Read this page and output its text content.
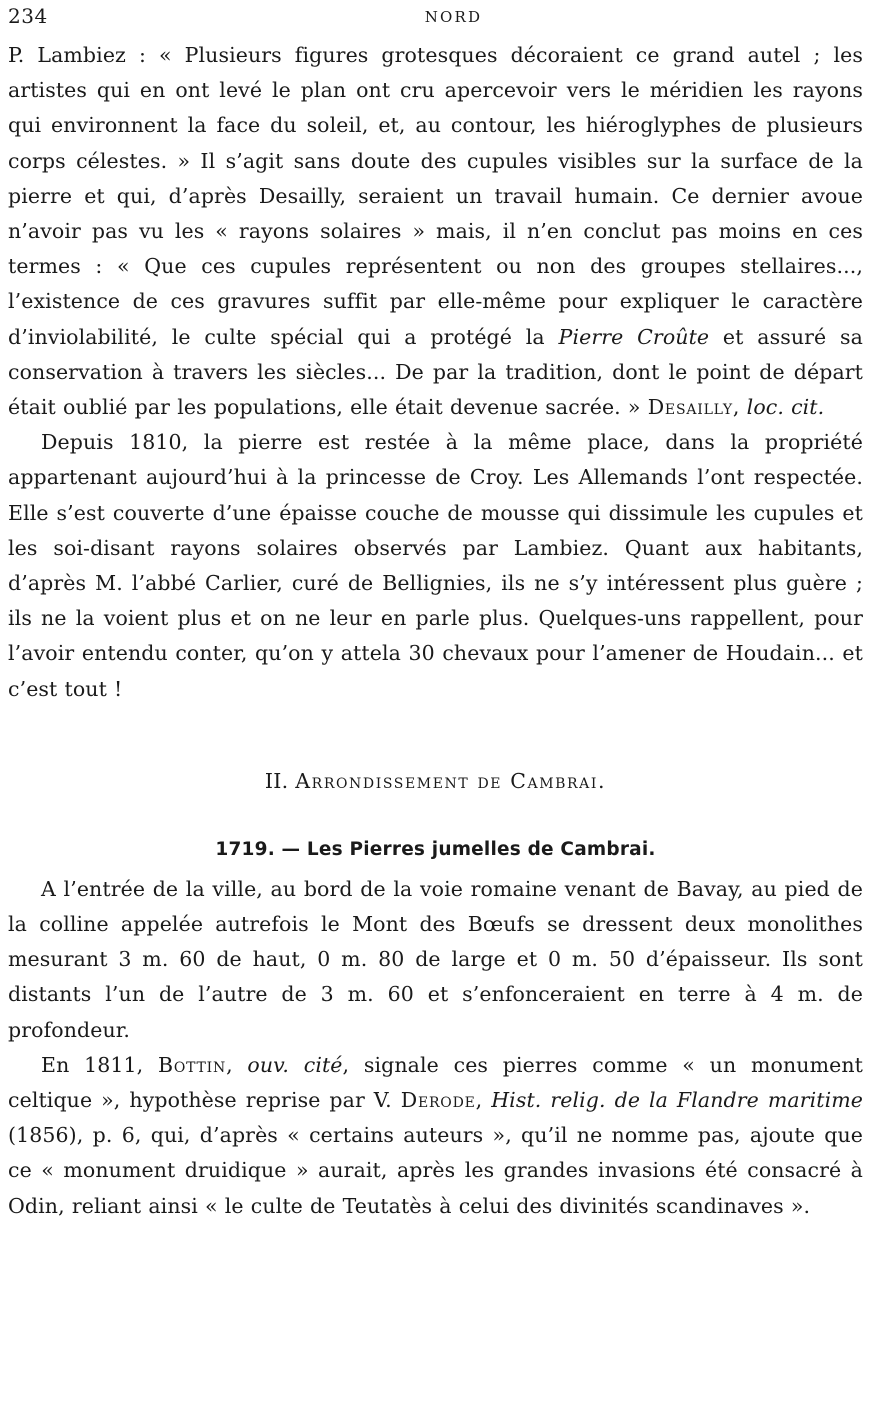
234	NORD

P. Lambiez : « Plusieurs figures grotesques décoraient ce grand autel ; les artistes qui en ont levé le plan ont cru apercevoir vers le méridien les rayons qui environnent la face du soleil, et, au contour, les hiéroglyphes de plusieurs corps célestes. » Il s’agit sans doute des cupules visibles sur la surface de la pierre et qui, d’après Desailly, seraient un travail humain. Ce dernier avoue n’avoir pas vu les « rayons solaires » mais, il n’en conclut pas moins en ces termes : « Que ces cupules représentent ou non des groupes stellaires..., l’existence de ces gravures suffit par elle-même pour expliquer le caractère d’inviolabilité, le culte spécial qui a protégé la Pierre Croûte et assuré sa conservation à travers les siècles... De par la tradition, dont le point de départ était oublié par les populations, elle était devenue sacrée. » Desailly, loc. cit.

Depuis 1810, la pierre est restée à la même place, dans la propriété appartenant aujourd’hui à la princesse de Croy. Les Allemands l’ont respectée. Elle s’est couverte d’une épaisse couche de mousse qui dissimule les cupules et les soi-disant rayons solaires observés par Lambiez. Quant aux habitants, d’après M. l’abbé Carlier, curé de Bellignies, ils ne s’y intéressent plus guère ; ils ne la voient plus et on ne leur en parle plus. Quelques-uns rappellent, pour l’avoir entendu conter, qu’on y attela 30 chevaux pour l’amener de Houdain... et c’est tout !

II. Arrondissement de Cambrai.
1719. — Les Pierres jumelles de Cambrai.

A l’entrée de la ville, au bord de la voie romaine venant de Bavay, au pied de la colline appelée autrefois le Mont des Bœufs se dressent deux monolithes mesurant 3 m. 60 de haut, 0 m. 80 de large et 0 m. 50 d’épaisseur. Ils sont distants l’un de l’autre de 3 m. 60 et s’enfonceraient en terre à 4 m. de profondeur.

En 1811, Bottin, ouv. cité, signale ces pierres comme « un monument celtique », hypothèse reprise par V. Derode, Hist. relig. de la Flandre maritime (1856), p. 6, qui, d’après « certains auteurs », qu’il ne nomme pas, ajoute que ce « monument druidique » aurait, après les grandes invasions été consacré à Odin, reliant ainsi « le culte de Teutatès à celui des divinités scandinaves ».
